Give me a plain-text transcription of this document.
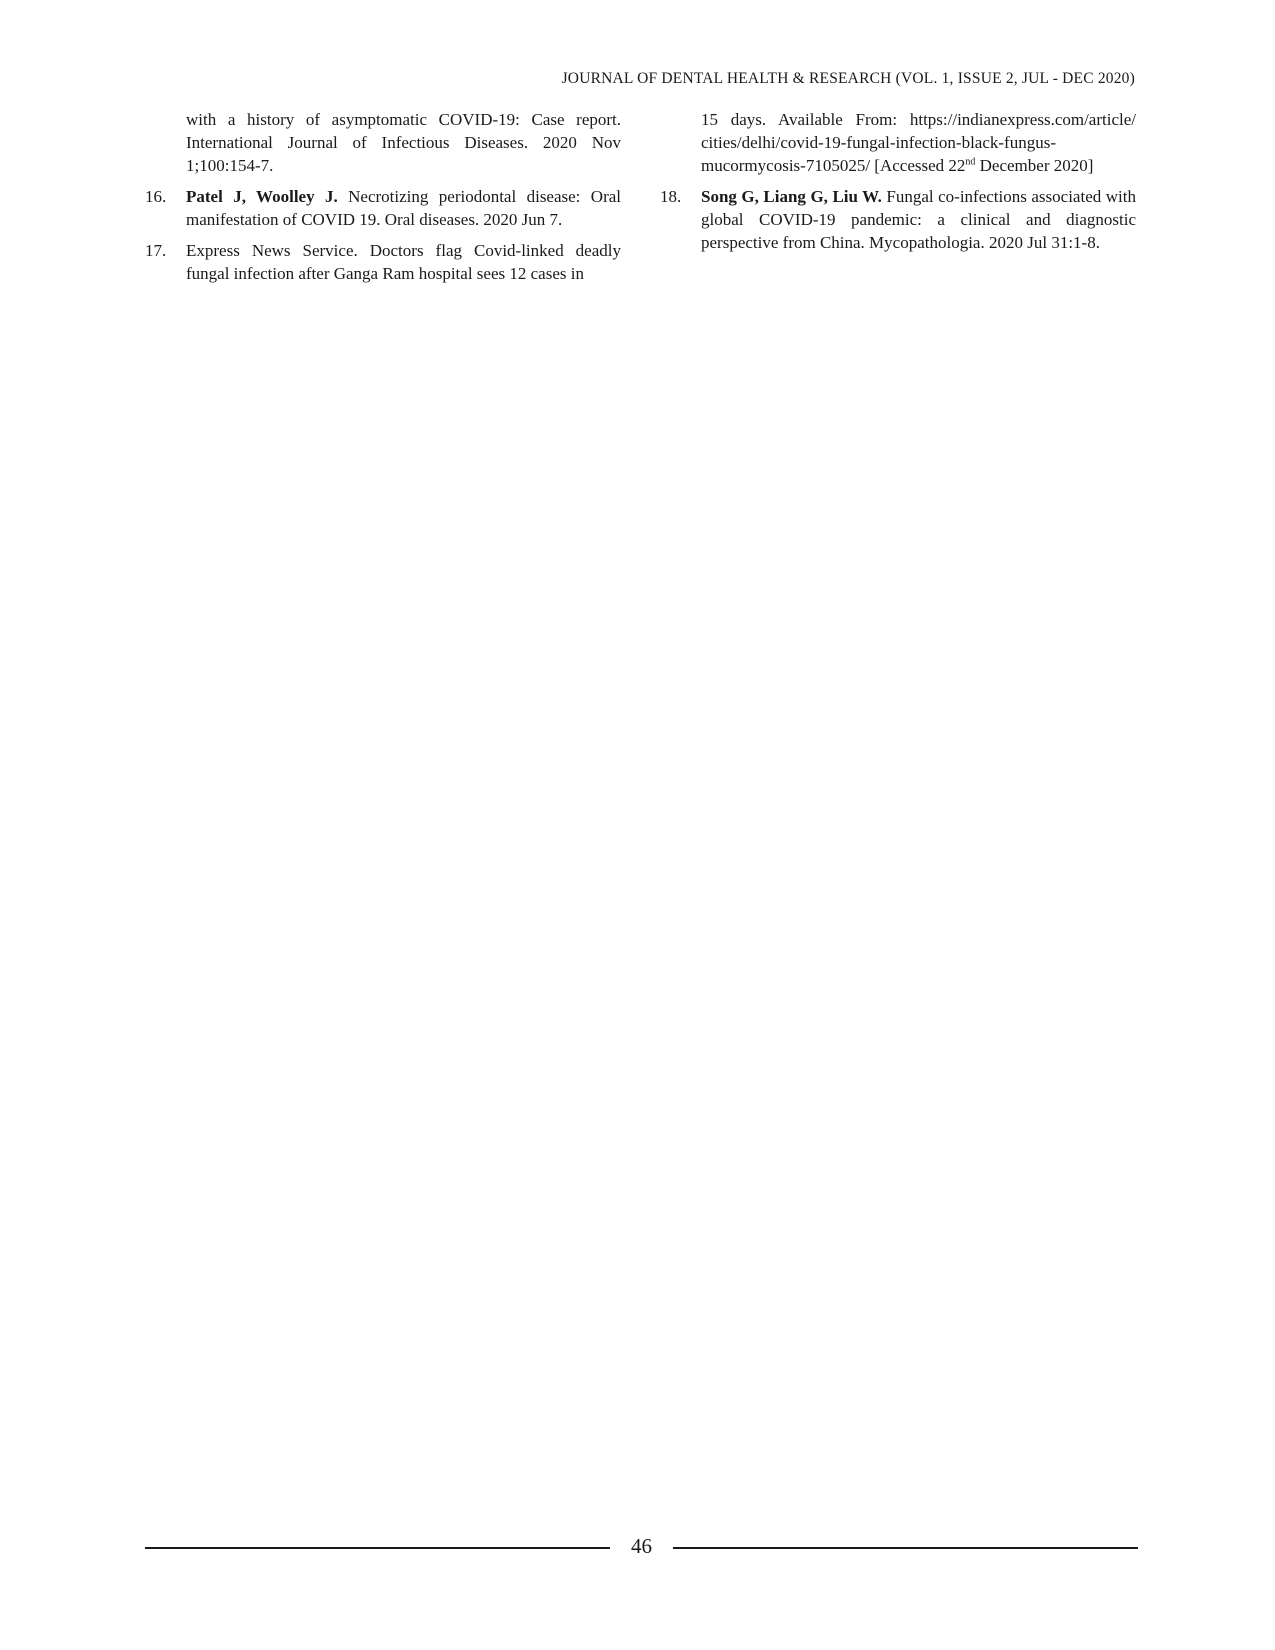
JOURNAL OF DENTAL HEALTH & RESEARCH (VOL. 1, ISSUE 2, JUL - DEC 2020)
with a history of asymptomatic COVID-19: Case report. International Journal of Infectious Diseases. 2020 Nov 1;100:154-7.
16. Patel J, Woolley J. Necrotizing periodontal disease: Oral manifestation of COVID 19. Oral diseases. 2020 Jun 7.
17. Express News Service. Doctors flag Covid-linked deadly fungal infection after Ganga Ram hospital sees 12 cases in
15 days. Available From: https://indianexpress.com/article/ cities/delhi/covid-19-fungal-infection-black-fungus-mucormycosis-7105025/ [Accessed 22nd December 2020]
18. Song G, Liang G, Liu W. Fungal co-infections associated with global COVID-19 pandemic: a clinical and diagnostic perspective from China. Mycopathologia. 2020 Jul 31:1-8.
46
